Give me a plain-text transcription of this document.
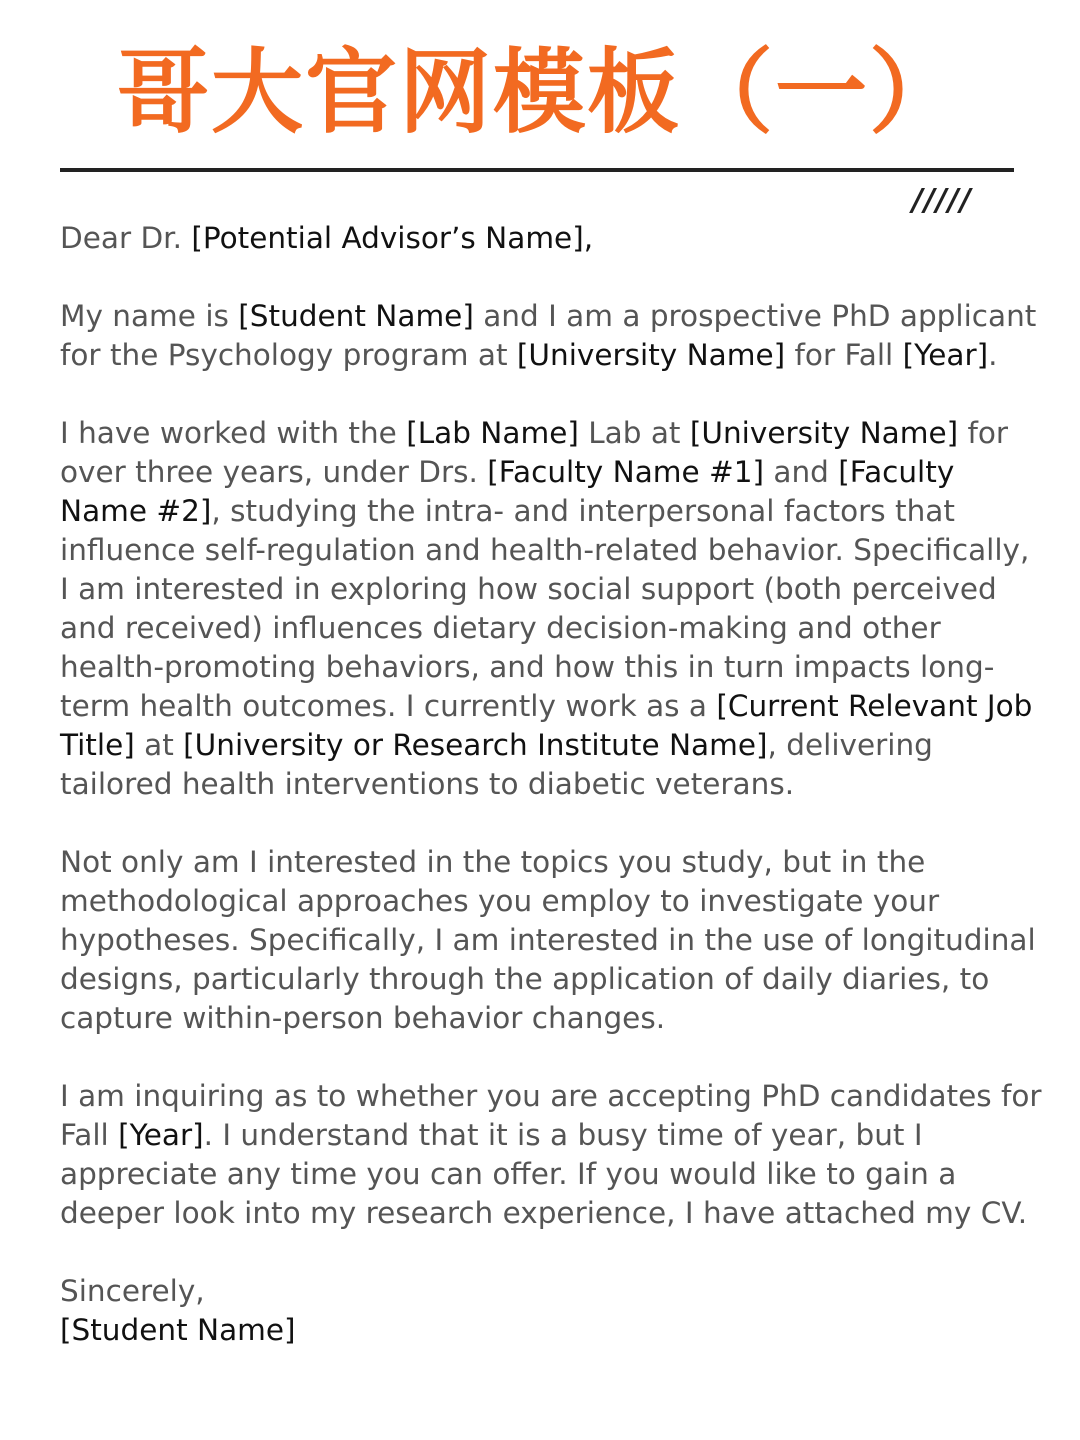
哥大官网模板（一）
/////

Dear Dr. [Potential Advisor’s Name],

My name is [Student Name] and I am a prospective PhD applicant for the Psychology program at [University Name] for Fall [Year].

I have worked with the [Lab Name] Lab at [University Name] for over three years, under Drs. [Faculty Name #1] and [Faculty Name #2], studying the intra- and interpersonal factors that influence self-regulation and health-related behavior. Specifically, I am interested in exploring how social support (both perceived and received) influences dietary decision-making and other health-promoting behaviors, and how this in turn impacts long-term health outcomes. I currently work as a [Current Relevant Job Title] at [University or Research Institute Name], delivering tailored health interventions to diabetic veterans.

Not only am I interested in the topics you study, but in the methodological approaches you employ to investigate your hypotheses. Specifically, I am interested in the use of longitudinal designs, particularly through the application of daily diaries, to capture within-person behavior changes.

I am inquiring as to whether you are accepting PhD candidates for Fall [Year]. I understand that it is a busy time of year, but I appreciate any time you can offer. If you would like to gain a deeper look into my research experience, I have attached my CV.

Sincerely,
[Student Name]
